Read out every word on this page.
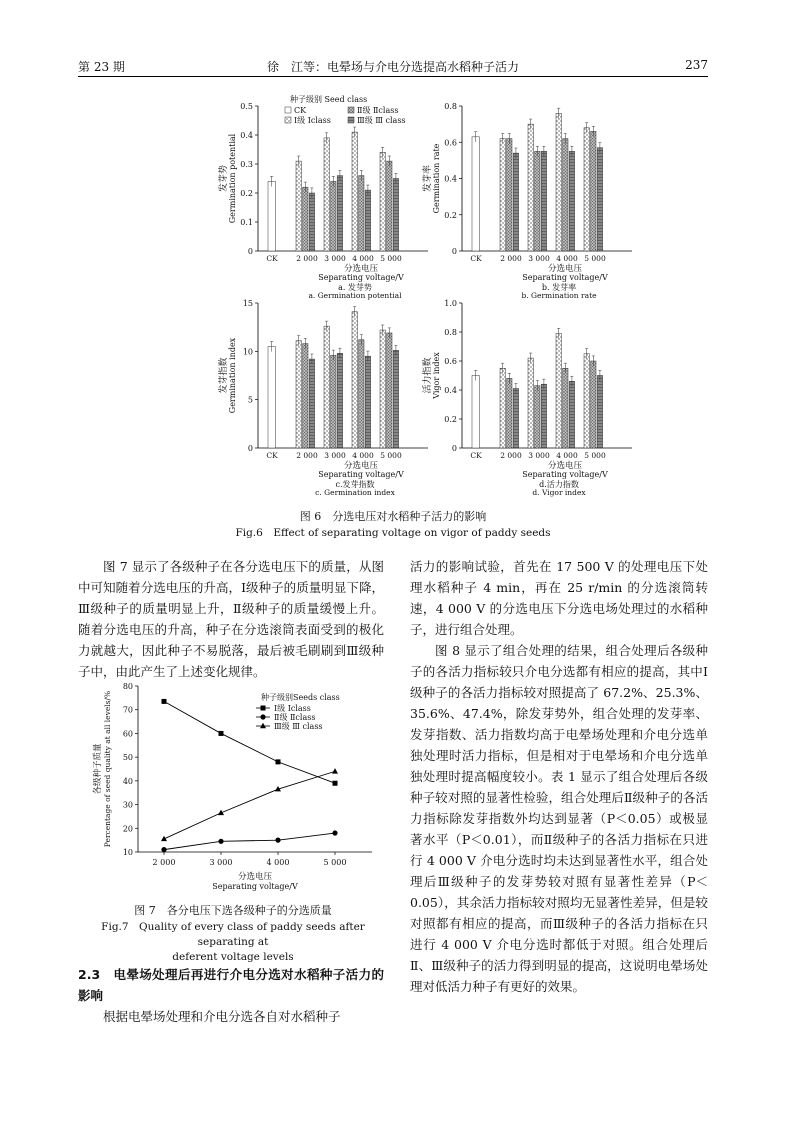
第 23 期	徐　江等：电晕场与介电分选提高水稻种子活力	237
0
0.1
0.2
0.3
0.4
0.5
发芽势 Germination potential
CK 2 000 3 000 4 000 5 000
分选电压
Separating voltage/V
a. 发芽势
a. Germination potential
0
0.2
0.4
0.6
0.8
发芽率 Germination rate
CK 2 000 3 000 4 000 5 000
分选电压
Separating voltage/V
b. 发芽率
b. Germination rate
0
5
10
15
发芽指数 Germination index
CK 2 000 3 000 4 000 5 000
分选电压
Separating voltage/V
c.发芽指数
c. Germination index
0
0.2
0.4
0.6
0.8
1.0
活力指数 Vigor index
CK 2 000 3 000 4 000 5 000
分选电压
Separating voltage/V
d.活力指数
d. Vigor index
种子级别 Seed class
CK
Ⅰ级 Ⅰclass
Ⅱ级 Ⅱclass
Ⅲ级 Ⅲ class
图 6　分选电压对水稻种子活力的影响
Fig.6　Effect of separating voltage on vigor of paddy seeds

图 7 显示了各级种子在各分选电压下的质量，从图中可知随着分选电压的升高，Ⅰ级种子的质量明显下降，Ⅲ级种子的质量明显上升，Ⅱ级种子的质量缓慢上升。随着分选电压的升高，种子在分选滚筒表面受到的极化力就越大，因此种子不易脱落，最后被毛刷刷到Ⅲ级种子中，由此产生了上述变化规律。

10
20
30
40
50
60
70
80
2 000	3 000	4 000	5 000
分选电压
Separating voltage/V
各级种子质量 Percentage of seed quality at all levels/%	种子级别Seeds class
Ⅰ级 Ⅰclass
Ⅱ级 Ⅱclass
Ⅲ级 Ⅲ class
图 7　各分电压下选各级种子的分选质量
Fig.7　Quality of every class of paddy seeds after separating at
deferent voltage levels

2.3　电晕场处理后再进行介电分选对水稻种子活力的影响

根据电晕场处理和介电分选各自对水稻种子

活力的影响试验，首先在 17 500 V 的处理电压下处理水稻种子 4 min，再在 25 r/min 的分选滚筒转速，4 000 V 的分选电压下分选电场处理过的水稻种子，进行组合处理。

图 8 显示了组合处理的结果，组合处理后各级种子的各活力指标较只介电分选都有相应的提高，其中Ⅰ级种子的各活力指标较对照提高了 67.2%、25.3%、35.6%、47.4%，除发芽势外，组合处理的发芽率、发芽指数、活力指数均高于电晕场处理和介电分选单独处理时活力指标，但是相对于电晕场和介电分选单独处理时提高幅度较小。表 1 显示了组合处理后各级种子较对照的显著性检验，组合处理后Ⅱ级种子的各活力指标除发芽指数外均达到显著（P＜0.05）或极显著水平（P＜0.01），而Ⅱ级种子的各活力指标在只进行 4 000 V 介电分选时均未达到显著性水平，组合处理后Ⅲ级种子的发芽势较对照有显著性差异（P＜0.05），其余活力指标较对照均无显著性差异，但是较对照都有相应的提高，而Ⅲ级种子的各活力指标在只进行 4 000 V 介电分选时都低于对照。组合处理后Ⅱ、Ⅲ级种子的活力得到明显的提高，这说明电晕场处理对低活力种子有更好的效果。
